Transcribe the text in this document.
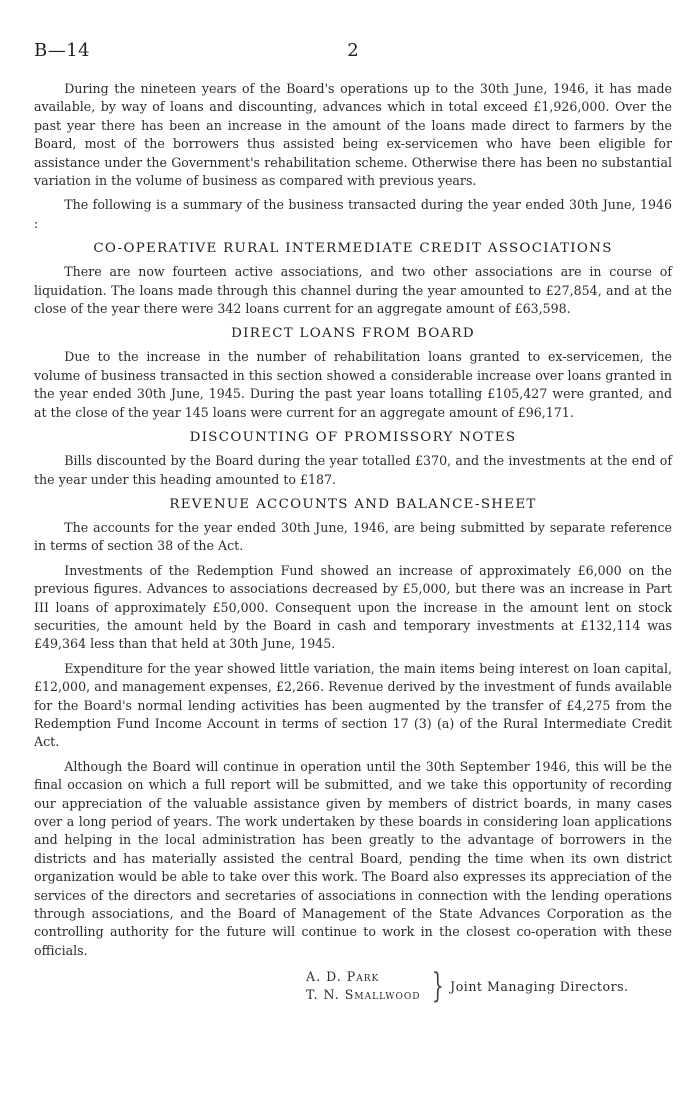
B—14	2

During the nineteen years of the Board's operations up to the 30th June, 1946, it has made available, by way of loans and discounting, advances which in total exceed £1,926,000. Over the past year there has been an increase in the amount of the loans made direct to farmers by the Board, most of the borrowers thus assisted being ex-servicemen who have been eligible for assistance under the Government's rehabilitation scheme. Otherwise there has been no substantial variation in the volume of business as compared with previous years.

The following is a summary of the business transacted during the year ended 30th June, 1946 :

CO-OPERATIVE RURAL INTERMEDIATE CREDIT ASSOCIATIONS

There are now fourteen active associations, and two other associations are in course of liquidation. The loans made through this channel during the year amounted to £27,854, and at the close of the year there were 342 loans current for an aggregate amount of £63,598.

DIRECT LOANS FROM BOARD

Due to the increase in the number of rehabilitation loans granted to ex-servicemen, the volume of business transacted in this section showed a considerable increase over loans granted in the year ended 30th June, 1945. During the past year loans totalling £105,427 were granted, and at the close of the year 145 loans were current for an aggregate amount of £96,171.

DISCOUNTING OF PROMISSORY NOTES

Bills discounted by the Board during the year totalled £370, and the investments at the end of the year under this heading amounted to £187.

REVENUE ACCOUNTS AND BALANCE-SHEET

The accounts for the year ended 30th June, 1946, are being submitted by separate reference in terms of section 38 of the Act.

Investments of the Redemption Fund showed an increase of approximately £6,000 on the previous figures. Advances to associations decreased by £5,000, but there was an increase in Part III loans of approximately £50,000. Consequent upon the increase in the amount lent on stock securities, the amount held by the Board in cash and temporary investments at £132,114 was £49,364 less than that held at 30th June, 1945.

Expenditure for the year showed little variation, the main items being interest on loan capital, £12,000, and management expenses, £2,266. Revenue derived by the investment of funds available for the Board's normal lending activities has been augmented by the transfer of £4,275 from the Redemption Fund Income Account in terms of section 17 (3) (a) of the Rural Intermediate Credit Act.

Although the Board will continue in operation until the 30th September 1946, this will be the final occasion on which a full report will be submitted, and we take this opportunity of recording our appreciation of the valuable assistance given by members of district boards, in many cases over a long period of years. The work undertaken by these boards in considering loan applications and helping in the local administration has been greatly to the advantage of borrowers in the districts and has materially assisted the central Board, pending the time when its own district organization would be able to take over this work. The Board also expresses its appreciation of the services of the directors and secretaries of associations in connection with the lending operations through associations, and the Board of Management of the State Advances Corporation as the controlling authority for the future will continue to work in the closest co-operation with these officials.

A. D. Park
T. N. Smallwood } Joint Managing Directors.
